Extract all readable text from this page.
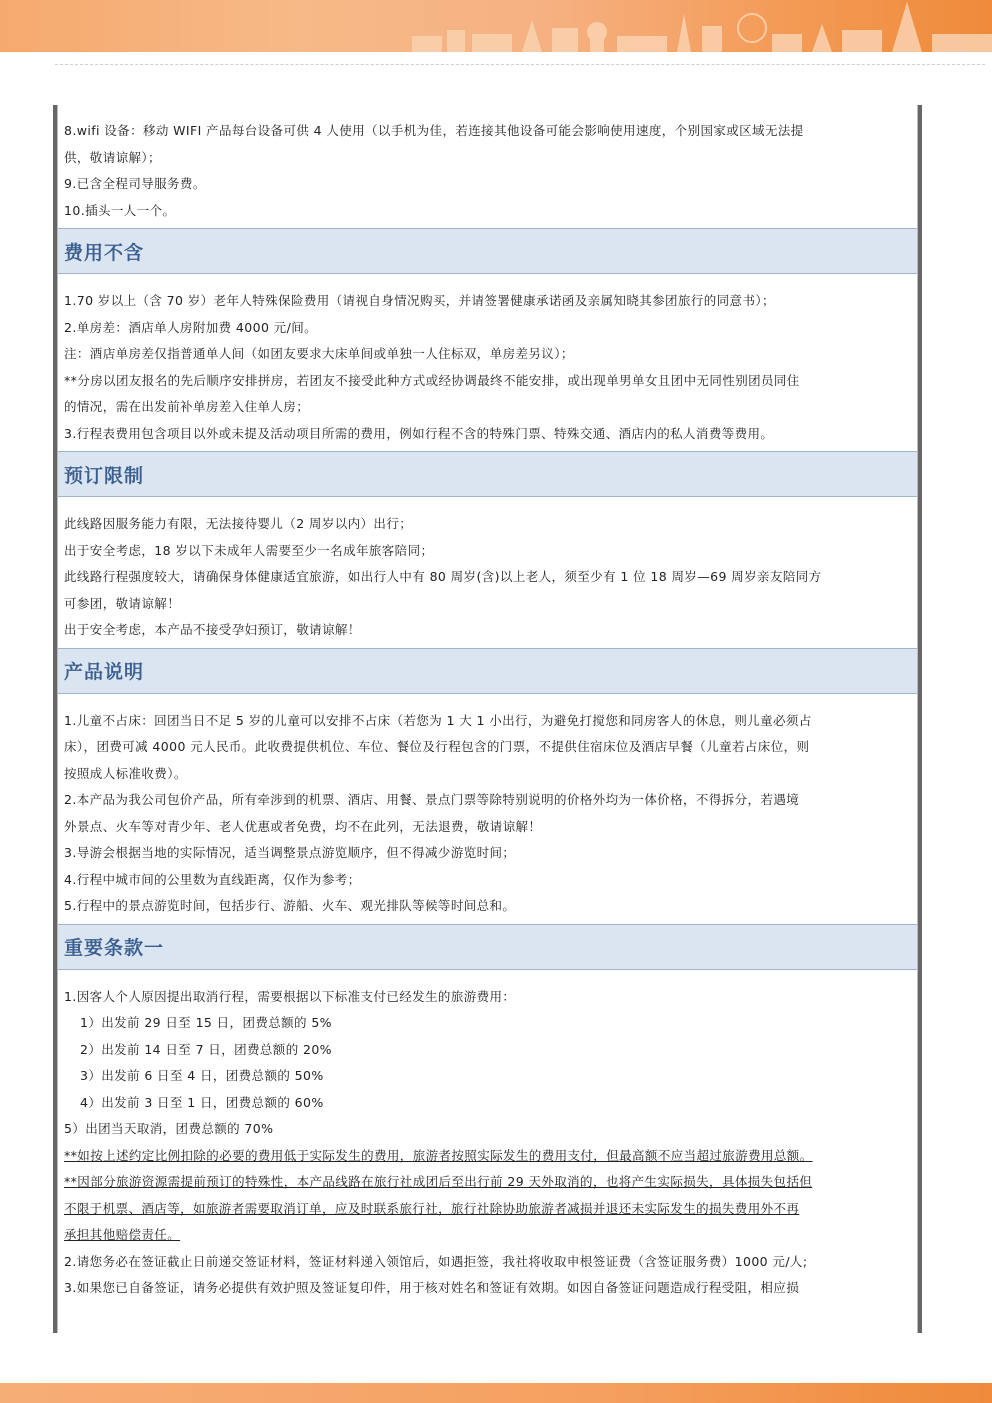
8.wifi 设备：移动 WIFI 产品每台设备可供 4 人使用（以手机为佳，若连接其他设备可能会影响使用速度，个别国家或区域无法提
供，敬请谅解）；
9.已含全程司导服务费。
10.插头一人一个。
费用不含
1.70 岁以上（含 70 岁）老年人特殊保险费用（请视自身情况购买，并请签署健康承诺函及亲属知晓其参团旅行的同意书）；
2.单房差：酒店单人房附加费 4000 元/间。
注：酒店单房差仅指普通单人间（如团友要求大床单间或单独一人住标双，单房差另议）；
**分房以团友报名的先后顺序安排拼房，若团友不接受此种方式或经协调最终不能安排，或出现单男单女且团中无同性别团员同住
的情况，需在出发前补单房差入住单人房；
3.行程表费用包含项目以外或未提及活动项目所需的费用，例如行程不含的特殊门票、特殊交通、酒店内的私人消费等费用。
预订限制
此线路因服务能力有限，无法接待婴儿（2 周岁以内）出行；
出于安全考虑，18 岁以下未成年人需要至少一名成年旅客陪同；
此线路行程强度较大，请确保身体健康适宜旅游，如出行人中有 80 周岁(含)以上老人，须至少有 1 位 18 周岁—69 周岁亲友陪同方
可参团，敬请谅解！
出于安全考虑，本产品不接受孕妇预订，敬请谅解！
产品说明
1.儿童不占床：回团当日不足 5 岁的儿童可以安排不占床（若您为 1 大 1 小出行，为避免打搅您和同房客人的休息，则儿童必须占
床），团费可减 4000 元人民币。此收费提供机位、车位、餐位及行程包含的门票，不提供住宿床位及酒店早餐（儿童若占床位，则
按照成人标准收费）。
2.本产品为我公司包价产品，所有牵涉到的机票、酒店、用餐、景点门票等除特别说明的价格外均为一体价格，不得拆分，若遇境
外景点、火车等对青少年、老人优惠或者免费，均不在此列，无法退费，敬请谅解！
3.导游会根据当地的实际情况，适当调整景点游览顺序，但不得减少游览时间；
4.行程中城市间的公里数为直线距离，仅作为参考；
5.行程中的景点游览时间，包括步行、游船、火车、观光排队等候等时间总和。
重要条款一
1.因客人个人原因提出取消行程，需要根据以下标准支付已经发生的旅游费用：
1）出发前 29 日至 15 日，团费总额的 5%
2）出发前 14 日至 7 日，团费总额的 20%
3）出发前 6 日至 4 日，团费总额的 50%
4）出发前 3 日至 1 日，团费总额的 60%
5）出团当天取消，团费总额的 70%
**如按上述约定比例扣除的必要的费用低于实际发生的费用，旅游者按照实际发生的费用支付，但最高额不应当超过旅游费用总额。
**因部分旅游资源需提前预订的特殊性，本产品线路在旅行社成团后至出行前 29 天外取消的，也将产生实际损失，具体损失包括但
不限于机票、酒店等，如旅游者需要取消订单，应及时联系旅行社，旅行社除协助旅游者减损并退还未实际发生的损失费用外不再
承担其他赔偿责任。
2.请您务必在签证截止日前递交签证材料，签证材料递入领馆后，如遇拒签，我社将收取申根签证费（含签证服务费）1000 元/人;
3.如果您已自备签证，请务必提供有效护照及签证复印件，用于核对姓名和签证有效期。如因自备签证问题造成行程受阻，相应损
